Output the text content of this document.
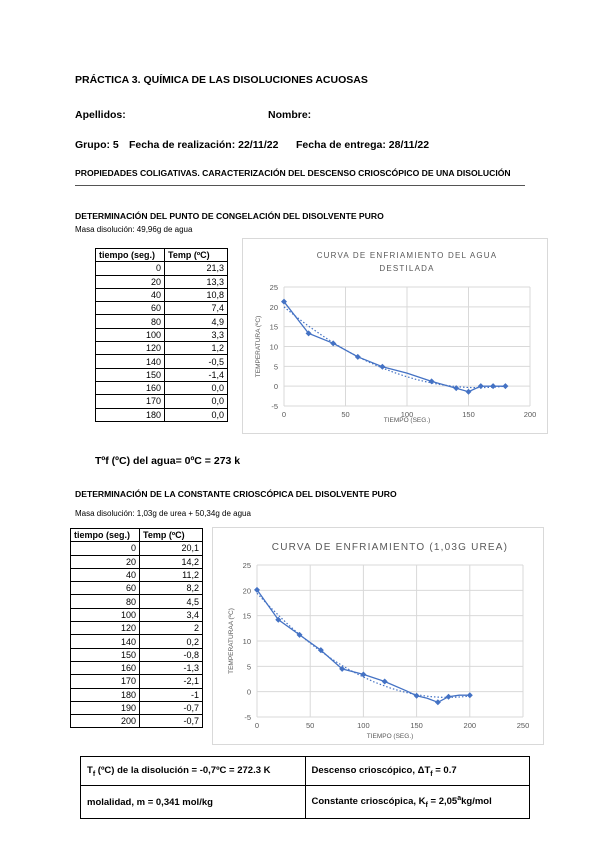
PRÁCTICA 3. QUÍMICA DE LAS DISOLUCIONES ACUOSAS
Apellidos:	Nombre:
Grupo: 5 Fecha de realización: 22/11/22 Fecha de entrega: 28/11/22
PROPIEDADES COLIGATIVAS. CARACTERIZACIÓN DEL DESCENSO CRIOSCÓPICO DE UNA DISOLUCIÓN
DETERMINACIÓN DEL PUNTO DE CONGELACIÓN DEL DISOLVENTE PURO
Masa disolución: 49,96g de agua
tiempo (seg.)	Temp (ºC)
0	21,3
20	13,3
40	10,8
60	7,4
80	4,9
100	3,3
120	1,2
140	-0,5
150	-1,4
160	0,0
170	0,0
180	0,0
CURVA DE ENFRIAMIENTO DEL AGUA
DESTILADA
-5
0
5
10
15
20
25
0	50	100	150	200
TIEMPO (SEG.)
TEMPERATURA (ºC)
Tºf (ºC) del agua= 0ºC = 273 k
DETERMINACIÓN DE LA CONSTANTE CRIOSCÓPICA DEL DISOLVENTE PURO
Masa disolución: 1,03g de urea + 50,34g de agua
tiempo (seg.)	Temp (ºC)
0	20,1
20	14,2
40	11,2
60	8,2
80	4,5
100	3,4
120	2
140	0,2
150	-0,8
160	-1,3
170	-2,1
180	-1
190	-0,7
200	-0,7
CURVA DE ENFRIAMIENTO (1,03G UREA)
-5
0
5
10
15
20
25
0	50	100	150	200	250
TIEMPO (SEG.)
TEMPERATURAA (ºC)
$T_f$ (ºC) de la disolución = -0,7ºC = 272.3 K	Descenso crioscópico, $\Delta T_f = 0.7$
molalidad, m = 0,341 mol/kg	Constante crioscópica, $K_f = 2,05^akg/mol$
